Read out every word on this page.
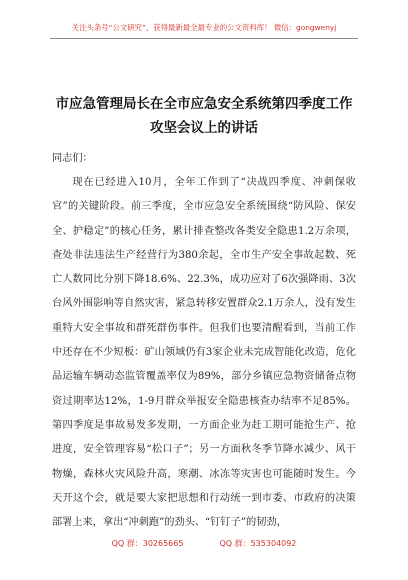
关注头条号“公文研究”，获得最新最全最专业的公文资料库！ 微信：gongwenyj
市应急管理局长在全市应急安全系统第四季度工作攻坚会议上的讲话
同志们：

现在已经进入10月，全年工作到了“决战四季度、冲刺保收官”的关键阶段。前三季度，全市应急安全系统围绕“防风险、保安全、护稳定”的核心任务，累计排查整改各类安全隐患1.2万余项，查处非法违法生产经营行为380余起，全市生产安全事故起数、死亡人数同比分别下降18.6%、22.3%，成功应对了6次强降雨、3次台风外围影响等自然灾害，紧急转移安置群众2.1万余人，没有发生重特大安全事故和群死群伤事件。但我们也要清醒看到，当前工作中还存在不少短板：矿山领域仍有3家企业未完成智能化改造，危化品运输车辆动态监管覆盖率仅为89%，部分乡镇应急物资储备点物资过期率达12%，1-9月群众举报安全隐患核查办结率不足85%。第四季度是事故易发多发期，一方面企业为赶工期可能抢生产、抢进度，安全管理容易“松口子”；另一方面秋冬季节降水减少、风干物燥，森林火灾风险升高，寒潮、冰冻等灾害也可能随时发生。今天开这个会，就是要大家把思想和行动统一到市委、市政府的决策部署上来，拿出“冲刺跑”的劲头、“钉钉子”的韧劲，

QQ 群：30265665	QQ 群：535304092
